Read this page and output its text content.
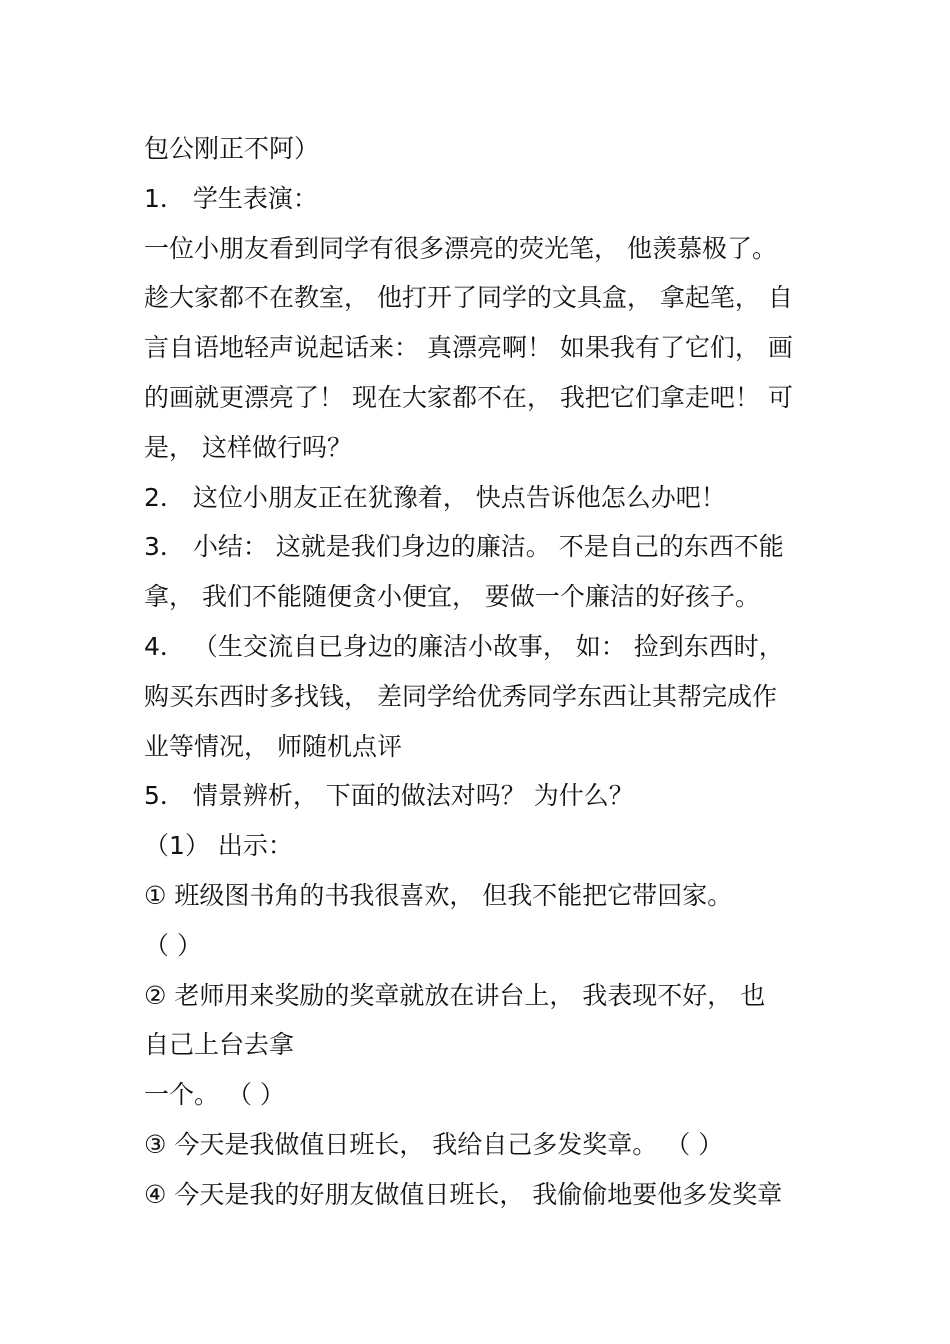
包公刚正不阿）
1． 学生表演：
一位小朋友看到同学有很多漂亮的荧光笔， 他羡慕极了。
趁大家都不在教室， 他打开了同学的文具盒， 拿起笔， 自
言自语地轻声说起话来： 真漂亮啊！ 如果我有了它们， 画
的画就更漂亮了！ 现在大家都不在， 我把它们拿走吧！ 可
是， 这样做行吗？
2． 这位小朋友正在犹豫着， 快点告诉他怎么办吧！
3． 小结： 这就是我们身边的廉洁。 不是自己的东西不能
拿， 我们不能随便贪小便宜， 要做一个廉洁的好孩子。
4． （生交流自已身边的廉洁小故事， 如： 捡到东西时，
购买东西时多找钱， 差同学给优秀同学东西让其帮完成作
业等情况， 师随机点评
5． 情景辨析， 下面的做法对吗？ 为什么？
（1） 出示：
① 班级图书角的书我很喜欢， 但我不能把它带回家。
（ ）
② 老师用来奖励的奖章就放在讲台上， 我表现不好， 也
自己上台去拿
一个。 （ ）
③ 今天是我做值日班长， 我给自己多发奖章。 （ ）
④ 今天是我的好朋友做值日班长， 我偷偷地要他多发奖章
